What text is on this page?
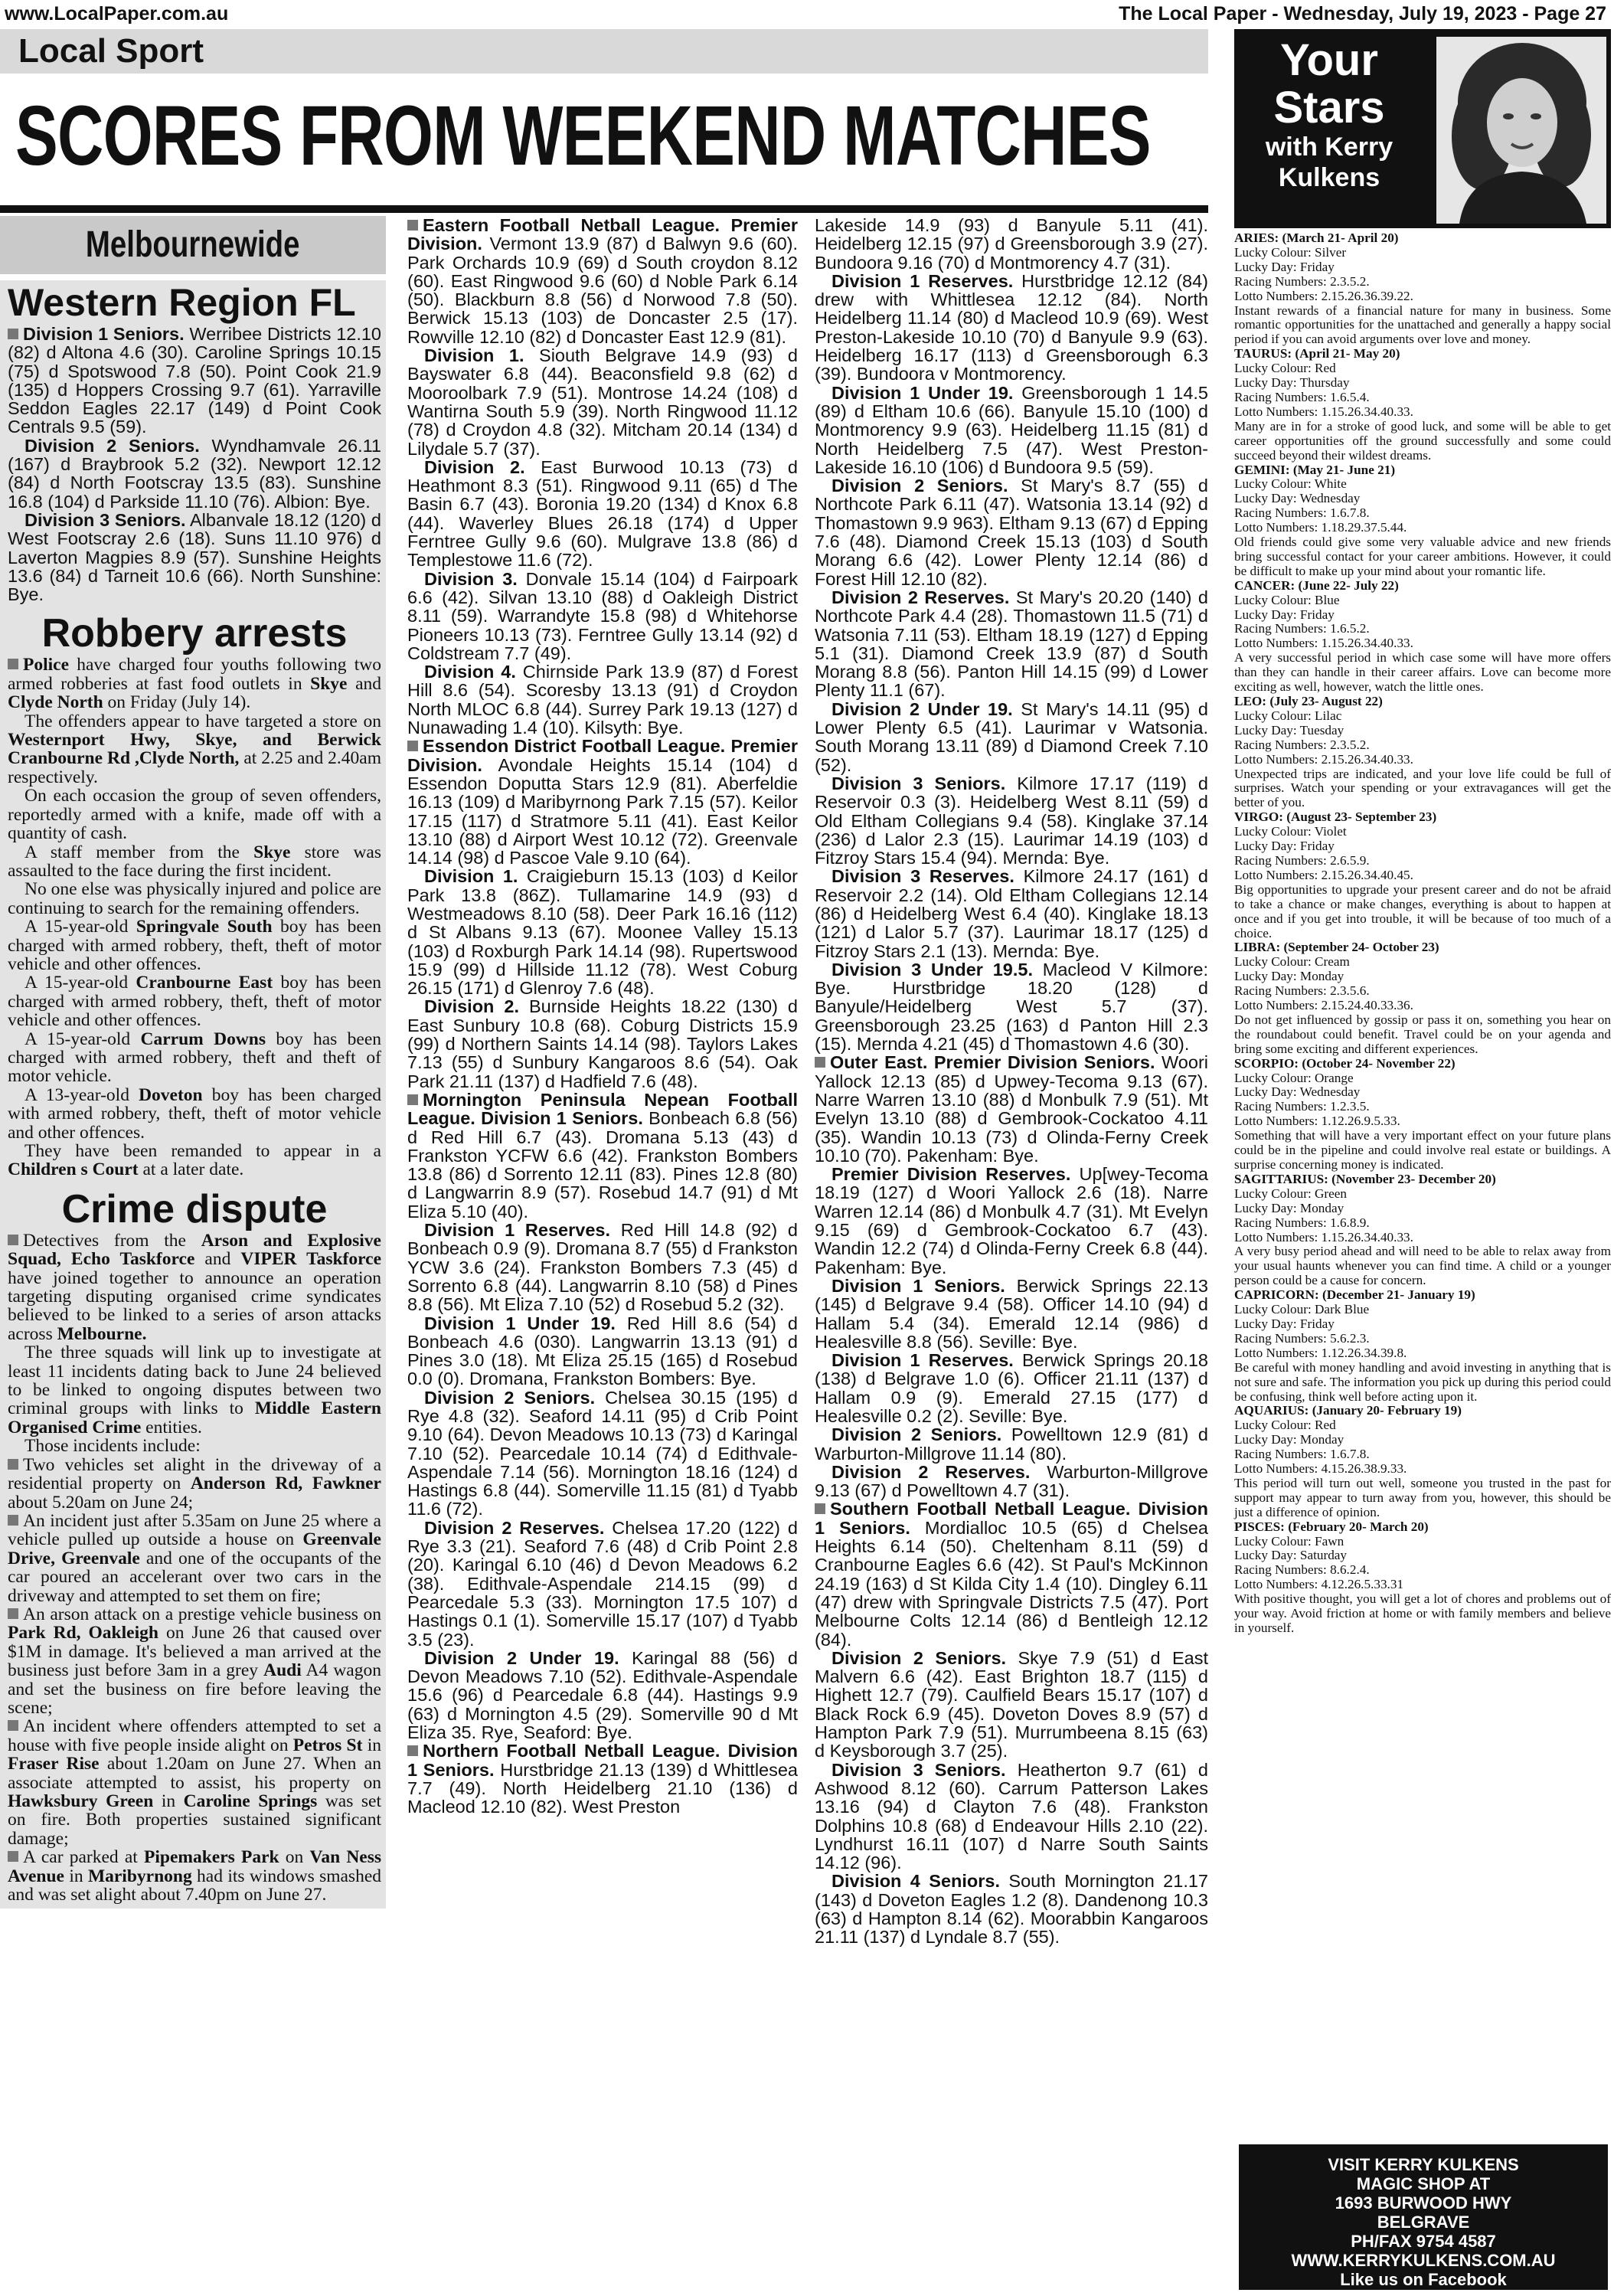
www.LocalPaper.com.au	The Local Paper - Wednesday, July 19, 2023 - Page 27
Local Sport
SCORES FROM WEEKEND MATCHES
Melbournewide
Western Region FL
Division 1 Seniors. Werribee Districts 12.10 (82) d Altona 4.6 (30). Caroline Springs 10.15 (75) d Spotswood 7.8 (50). Point Cook 21.9 (135) d Hoppers Crossing 9.7 (61). Yarraville Seddon Eagles 22.17 (149) d Point Cook Centrals 9.5 (59).
Division 2 Seniors. Wyndhamvale 26.11 (167) d Braybrook 5.2 (32). Newport 12.12 (84) d North Footscray 13.5 (83). Sunshine 16.8 (104) d Parkside 11.10 (76). Albion: Bye.
Division 3 Seniors. Albanvale 18.12 (120) d West Footscray 2.6 (18). Suns 11.10 976) d Laverton Magpies 8.9 (57). Sunshine Heights 13.6 (84) d Tarneit 10.6 (66). North Sunshine: Bye.
Robbery arrests

Police have charged four youths following two armed robberies at fast food outlets in Skye and Clyde North on Friday (July 14).

The offenders appear to have targeted a store on Westernport Hwy, Skye, and Berwick Cranbourne Rd ,Clyde North, at 2.25 and 2.40am respectively.

On each occasion the group of seven offenders, reportedly armed with a knife, made off with a quantity of cash.

A staff member from the Skye store was assaulted to the face during the first incident.

No one else was physically injured and police are continuing to search for the remaining offenders.

A 15-year-old Springvale South boy has been charged with armed robbery, theft, theft of motor vehicle and other offences.

A 15-year-old Cranbourne East boy has been charged with armed robbery, theft, theft of motor vehicle and other offences.

A 15-year-old Carrum Downs boy has been charged with armed robbery, theft and theft of motor vehicle.

A 13-year-old Doveton boy has been charged with armed robbery, theft, theft of motor vehicle and other offences.

They have been remanded to appear in a Children s Court at a later date.

Crime dispute

Detectives from the Arson and Explosive Squad, Echo Taskforce and VIPER Taskforce have joined together to announce an operation targeting disputing organised crime syndicates believed to be linked to a series of arson attacks across Melbourne.

The three squads will link up to investigate at least 11 incidents dating back to June 24 believed to be linked to ongoing disputes between two criminal groups with links to Middle Eastern Organised Crime entities.

Those incidents include:

Two vehicles set alight in the driveway of a residential property on Anderson Rd, Fawkner about 5.20am on June 24;

An incident just after 5.35am on June 25 where a vehicle pulled up outside a house on Greenvale Drive, Greenvale and one of the occupants of the car poured an accelerant over two cars in the driveway and attempted to set them on fire;

An arson attack on a prestige vehicle business on Park Rd, Oakleigh on June 26 that caused over $1M in damage. It's believed a man arrived at the business just before 3am in a grey Audi A4 wagon and set the business on fire before leaving the scene;

An incident where offenders attempted to set a house with five people inside alight on Petros St in Fraser Rise about 1.20am on June 27. When an associate attempted to assist, his property on Hawksbury Green in Caroline Springs was set on fire. Both properties sustained significant damage;

A car parked at Pipemakers Park on Van Ness Avenue in Maribyrnong had its windows smashed and was set alight about 7.40pm on June 27.

Eastern Football Netball League. Premier Division. Vermont 13.9 (87) d Balwyn 9.6 (60). Park Orchards 10.9 (69) d South croydon 8.12 (60). East Ringwood 9.6 (60) d Noble Park 6.14 (50). Blackburn 8.8 (56) d Norwood 7.8 (50). Berwick 15.13 (103) de Doncaster 2.5 (17). Rowville 12.10 (82) d Doncaster East 12.9 (81).
Division 1. Siouth Belgrave 14.9 (93) d Bayswater 6.8 (44). Beaconsfield 9.8 (62) d Mooroolbark 7.9 (51). Montrose 14.24 (108) d Wantirna South 5.9 (39). North Ringwood 11.12 (78) d Croydon 4.8 (32). Mitcham 20.14 (134) d Lilydale 5.7 (37).
Division 2. East Burwood 10.13 (73) d Heathmont 8.3 (51). Ringwood 9.11 (65) d The Basin 6.7 (43). Boronia 19.20 (134) d Knox 6.8 (44). Waverley Blues 26.18 (174) d Upper Ferntree Gully 9.6 (60). Mulgrave 13.8 (86) d Templestowe 11.6 (72).
Division 3. Donvale 15.14 (104) d Fairpoark 6.6 (42). Silvan 13.10 (88) d Oakleigh District 8.11 (59). Warrandyte 15.8 (98) d Whitehorse Pioneers 10.13 (73). Ferntree Gully 13.14 (92) d Coldstream 7.7 (49).
Division 4. Chirnside Park 13.9 (87) d Forest Hill 8.6 (54). Scoresby 13.13 (91) d Croydon North MLOC 6.8 (44). Surrey Park 19.13 (127) d Nunawading 1.4 (10). Kilsyth: Bye.
Essendon District Football League. Premier Division. Avondale Heights 15.14 (104) d Essendon Doputta Stars 12.9 (81). Aberfeldie 16.13 (109) d Maribyrnong Park 7.15 (57). Keilor 17.15 (117) d Stratmore 5.11 (41). East Keilor 13.10 (88) d Airport West 10.12 (72). Greenvale 14.14 (98) d Pascoe Vale 9.10 (64).
Division 1. Craigieburn 15.13 (103) d Keilor Park 13.8 (86Z). Tullamarine 14.9 (93) d Westmeadows 8.10 (58). Deer Park 16.16 (112) d St Albans 9.13 (67). Moonee Valley 15.13 (103) d Roxburgh Park 14.14 (98). Rupertswood 15.9 (99) d Hillside 11.12 (78). West Coburg 26.15 (171) d Glenroy 7.6 (48).
Division 2. Burnside Heights 18.22 (130) d East Sunbury 10.8 (68). Coburg Districts 15.9 (99) d Northern Saints 14.14 (98). Taylors Lakes 7.13 (55) d Sunbury Kangaroos 8.6 (54). Oak Park 21.11 (137) d Hadfield 7.6 (48).
Mornington Peninsula Nepean Football League. Division 1 Seniors. Bonbeach 6.8 (56) d Red Hill 6.7 (43). Dromana 5.13 (43) d Frankston YCFW 6.6 (42). Frankston Bombers 13.8 (86) d Sorrento 12.11 (83). Pines 12.8 (80) d Langwarrin 8.9 (57). Rosebud 14.7 (91) d Mt Eliza 5.10 (40).
Division 1 Reserves. Red Hill 14.8 (92) d Bonbeach 0.9 (9). Dromana 8.7 (55) d Frankston YCW 3.6 (24). Frankston Bombers 7.3 (45) d Sorrento 6.8 (44). Langwarrin 8.10 (58) d Pines 8.8 (56). Mt Eliza 7.10 (52) d Rosebud 5.2 (32).
Division 1 Under 19. Red Hill 8.6 (54) d Bonbeach 4.6 (030). Langwarrin 13.13 (91) d Pines 3.0 (18). Mt Eliza 25.15 (165) d Rosebud 0.0 (0). Dromana, Frankston Bombers: Bye.
Division 2 Seniors. Chelsea 30.15 (195) d Rye 4.8 (32). Seaford 14.11 (95) d Crib Point 9.10 (64). Devon Meadows 10.13 (73) d Karingal 7.10 (52). Pearcedale 10.14 (74) d Edithvale-Aspendale 7.14 (56). Mornington 18.16 (124) d Hastings 6.8 (44). Somerville 11.15 (81) d Tyabb 11.6 (72).
Division 2 Reserves. Chelsea 17.20 (122) d Rye 3.3 (21). Seaford 7.6 (48) d Crib Point 2.8 (20). Karingal 6.10 (46) d Devon Meadows 6.2 (38). Edithvale-Aspendale 214.15 (99) d Pearcedale 5.3 (33). Mornington 17.5 107) d Hastings 0.1 (1). Somerville 15.17 (107) d Tyabb 3.5 (23).
Division 2 Under 19. Karingal 88 (56) d Devon Meadows 7.10 (52). Edithvale-Aspendale 15.6 (96) d Pearcedale 6.8 (44). Hastings 9.9 (63) d Mornington 4.5 (29). Somerville 90 d Mt Eliza 35. Rye, Seaford: Bye.
Northern Football Netball League. Division 1 Seniors. Hurstbridge 21.13 (139) d Whittlesea 7.7 (49). North Heidelberg 21.10 (136) d Macleod 12.10 (82). West Preston
Lakeside 14.9 (93) d Banyule 5.11 (41). Heidelberg 12.15 (97) d Greensborough 3.9 (27). Bundoora 9.16 (70) d Montmorency 4.7 (31).
Division 1 Reserves. Hurstbridge 12.12 (84) drew with Whittlesea 12.12 (84). North Heidelberg 11.14 (80) d Macleod 10.9 (69). West Preston-Lakeside 10.10 (70) d Banyule 9.9 (63). Heidelberg 16.17 (113) d Greensborough 6.3 (39). Bundoora v Montmorency.
Division 1 Under 19. Greensborough 1 14.5 (89) d Eltham 10.6 (66). Banyule 15.10 (100) d Montmorency 9.9 (63). Heidelberg 11.15 (81) d North Heidelberg 7.5 (47). West Preston-Lakeside 16.10 (106) d Bundoora 9.5 (59).
Division 2 Seniors. St Mary's 8.7 (55) d Northcote Park 6.11 (47). Watsonia 13.14 (92) d Thomastown 9.9 963). Eltham 9.13 (67) d Epping 7.6 (48). Diamond Creek 15.13 (103) d South Morang 6.6 (42). Lower Plenty 12.14 (86) d Forest Hill 12.10 (82).
Division 2 Reserves. St Mary's 20.20 (140) d Northcote Park 4.4 (28). Thomastown 11.5 (71) d Watsonia 7.11 (53). Eltham 18.19 (127) d Epping 5.1 (31). Diamond Creek 13.9 (87) d South Morang 8.8 (56). Panton Hill 14.15 (99) d Lower Plenty 11.1 (67).
Division 2 Under 19. St Mary's 14.11 (95) d Lower Plenty 6.5 (41). Laurimar v Watsonia. South Morang 13.11 (89) d Diamond Creek 7.10 (52).
Division 3 Seniors. Kilmore 17.17 (119) d Reservoir 0.3 (3). Heidelberg West 8.11 (59) d Old Eltham Collegians 9.4 (58). Kinglake 37.14 (236) d Lalor 2.3 (15). Laurimar 14.19 (103) d Fitzroy Stars 15.4 (94). Mernda: Bye.
Division 3 Reserves. Kilmore 24.17 (161) d Reservoir 2.2 (14). Old Eltham Collegians 12.14 (86) d Heidelberg West 6.4 (40). Kinglake 18.13 (121) d Lalor 5.7 (37). Laurimar 18.17 (125) d Fitzroy Stars 2.1 (13). Mernda: Bye.
Division 3 Under 19.5. Macleod V Kilmore: Bye. Hurstbridge 18.20 (128) d Banyule/Heidelberg West 5.7 (37). Greensborough 23.25 (163) d Panton Hill 2.3 (15). Mernda 4.21 (45) d Thomastown 4.6 (30).
Outer East. Premier Division Seniors. Woori Yallock 12.13 (85) d Upwey-Tecoma 9.13 (67). Narre Warren 13.10 (88) d Monbulk 7.9 (51). Mt Evelyn 13.10 (88) d Gembrook-Cockatoo 4.11 (35). Wandin 10.13 (73) d Olinda-Ferny Creek 10.10 (70). Pakenham: Bye.
Premier Division Reserves. Up[wey-Tecoma 18.19 (127) d Woori Yallock 2.6 (18). Narre Warren 12.14 (86) d Monbulk 4.7 (31). Mt Evelyn 9.15 (69) d Gembrook-Cockatoo 6.7 (43). Wandin 12.2 (74) d Olinda-Ferny Creek 6.8 (44). Pakenham: Bye.
Division 1 Seniors. Berwick Springs 22.13 (145) d Belgrave 9.4 (58). Officer 14.10 (94) d Hallam 5.4 (34). Emerald 12.14 (986) d Healesville 8.8 (56). Seville: Bye.
Division 1 Reserves. Berwick Springs 20.18 (138) d Belgrave 1.0 (6). Officer 21.11 (137) d Hallam 0.9 (9). Emerald 27.15 (177) d Healesville 0.2 (2). Seville: Bye.
Division 2 Seniors. Powelltown 12.9 (81) d Warburton-Millgrove 11.14 (80).
Division 2 Reserves. Warburton-Millgrove 9.13 (67) d Powelltown 4.7 (31).
Southern Football Netball League. Division 1 Seniors. Mordialloc 10.5 (65) d Chelsea Heights 6.14 (50). Cheltenham 8.11 (59) d Cranbourne Eagles 6.6 (42). St Paul's McKinnon 24.19 (163) d St Kilda City 1.4 (10). Dingley 6.11 (47) drew with Springvale Districts 7.5 (47). Port Melbourne Colts 12.14 (86) d Bentleigh 12.12 (84).
Division 2 Seniors. Skye 7.9 (51) d East Malvern 6.6 (42). East Brighton 18.7 (115) d Highett 12.7 (79). Caulfield Bears 15.17 (107) d Black Rock 6.9 (45). Doveton Doves 8.9 (57) d Hampton Park 7.9 (51). Murrumbeena 8.15 (63) d Keysborough 3.7 (25).
Division 3 Seniors. Heatherton 9.7 (61) d Ashwood 8.12 (60). Carrum Patterson Lakes 13.16 (94) d Clayton 7.6 (48). Frankston Dolphins 10.8 (68) d Endeavour Hills 2.10 (22). Lyndhurst 16.11 (107) d Narre South Saints 14.12 (96).
Division 4 Seniors. South Mornington 21.17 (143) d Doveton Eagles 1.2 (8). Dandenong 10.3 (63) d Hampton 8.14 (62). Moorabbin Kangaroos 21.11 (137) d Lyndale 8.7 (55).
Your
Stars
with Kerry
Kulkens
ARIES: (March 21- April 20)
Lucky Colour: Silver
Lucky Day: Friday
Racing Numbers: 2.3.5.2.
Lotto Numbers: 2.15.26.36.39.22.
Instant rewards of a financial nature for many in business. Some romantic opportunities for the unattached and generally a happy social period if you can avoid arguments over love and money.
TAURUS: (April 21- May 20)
Lucky Colour: Red
Lucky Day: Thursday
Racing Numbers: 1.6.5.4.
Lotto Numbers: 1.15.26.34.40.33.
Many are in for a stroke of good luck, and some will be able to get career opportunities off the ground successfully and some could succeed beyond their wildest dreams.
GEMINI: (May 21- June 21)
Lucky Colour: White
Lucky Day: Wednesday
Racing Numbers: 1.6.7.8.
Lotto Numbers: 1.18.29.37.5.44.
Old friends could give some very valuable advice and new friends bring successful contact for your career ambitions. However, it could be difficult to make up your mind about your romantic life.
CANCER: (June 22- July 22)
Lucky Colour: Blue
Lucky Day: Friday
Racing Numbers: 1.6.5.2.
Lotto Numbers: 1.15.26.34.40.33.
A very successful period in which case some will have more offers than they can handle in their career affairs. Love can become more exciting as well, however, watch the little ones.
LEO: (July 23- August 22)
Lucky Colour: Lilac
Lucky Day: Tuesday
Racing Numbers: 2.3.5.2.
Lotto Numbers: 2.15.26.34.40.33.
Unexpected trips are indicated, and your love life could be full of surprises. Watch your spending or your extravagances will get the better of you.
VIRGO: (August 23- September 23)
Lucky Colour: Violet
Lucky Day: Friday
Racing Numbers: 2.6.5.9.
Lotto Numbers: 2.15.26.34.40.45.
Big opportunities to upgrade your present career and do not be afraid to take a chance or make changes, everything is about to happen at once and if you get into trouble, it will be because of too much of a choice.
LIBRA: (September 24- October 23)
Lucky Colour: Cream
Lucky Day: Monday
Racing Numbers: 2.3.5.6.
Lotto Numbers: 2.15.24.40.33.36.
Do not get influenced by gossip or pass it on, something you hear on the roundabout could benefit. Travel could be on your agenda and bring some exciting and different experiences.
SCORPIO: (October 24- November 22)
Lucky Colour: Orange
Lucky Day: Wednesday
Racing Numbers: 1.2.3.5.
Lotto Numbers: 1.12.26.9.5.33.
Something that will have a very important effect on your future plans could be in the pipeline and could involve real estate or buildings. A surprise concerning money is indicated.
SAGITTARIUS: (November 23- December 20)
Lucky Colour: Green
Lucky Day: Monday
Racing Numbers: 1.6.8.9.
Lotto Numbers: 1.15.26.34.40.33.
A very busy period ahead and will need to be able to relax away from your usual haunts whenever you can find time. A child or a younger person could be a cause for concern.
CAPRICORN: (December 21- January 19)
Lucky Colour: Dark Blue
Lucky Day: Friday
Racing Numbers: 5.6.2.3.
Lotto Numbers: 1.12.26.34.39.8.
Be careful with money handling and avoid investing in anything that is not sure and safe. The information you pick up during this period could be confusing, think well before acting upon it.
AQUARIUS: (January 20- February 19)
Lucky Colour: Red
Lucky Day: Monday
Racing Numbers: 1.6.7.8.
Lotto Numbers: 4.15.26.38.9.33.
This period will turn out well, someone you trusted in the past for support may appear to turn away from you, however, this should be just a difference of opinion.
PISCES: (February 20- March 20)
Lucky Colour: Fawn
Lucky Day: Saturday
Racing Numbers: 8.6.2.4.
Lotto Numbers: 4.12.26.5.33.31
With positive thought, you will get a lot of chores and problems out of your way. Avoid friction at home or with family members and believe in yourself.
VISIT KERRY KULKENS
MAGIC SHOP AT
1693 BURWOOD HWY
BELGRAVE
PH/FAX 9754 4587
WWW.KERRYKULKENS.COM.AU
Like us on Facebook
